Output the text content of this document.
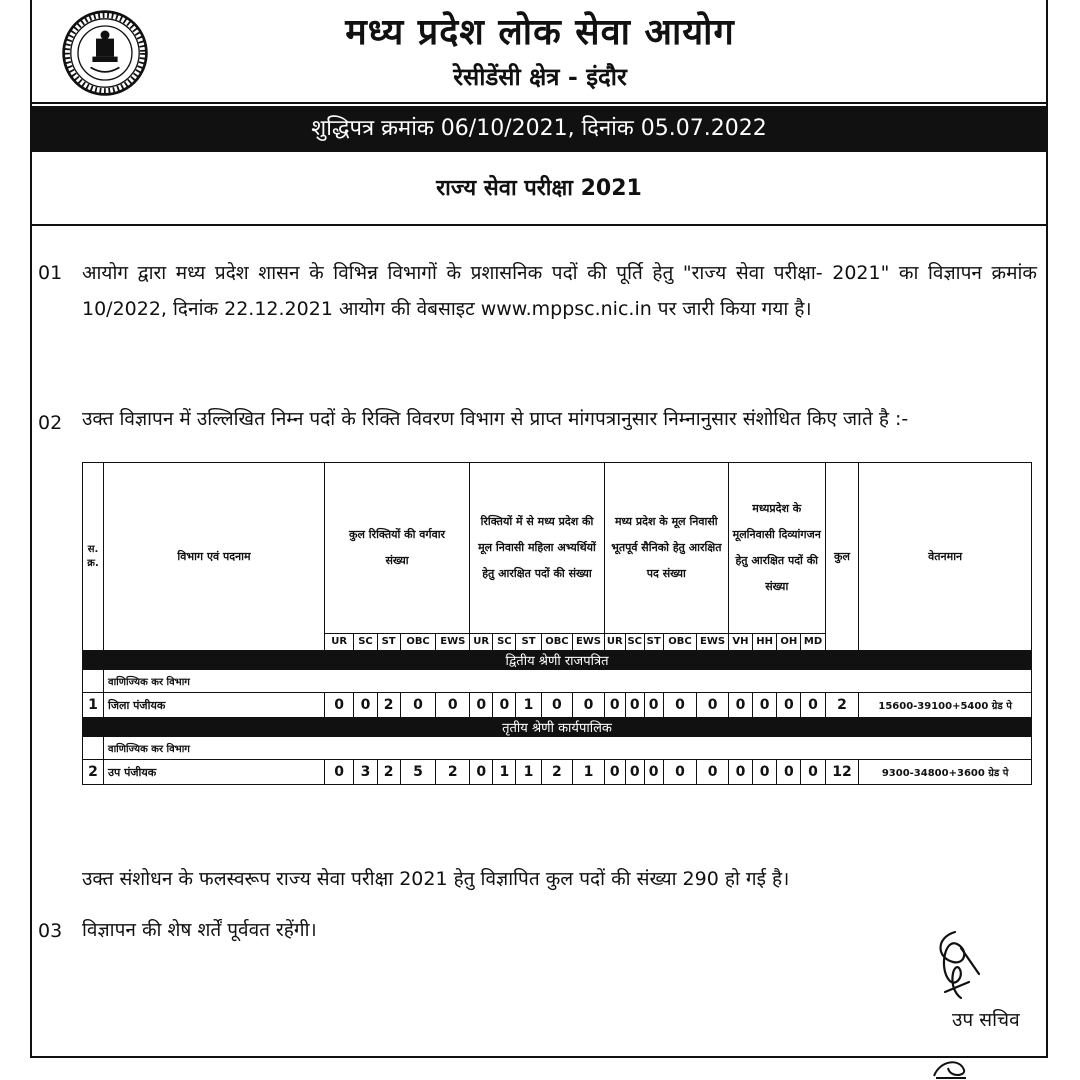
मध्य प्रदेश लोक सेवा आयोग
रेसीडेंसी क्षेत्र - इंदौर
शुद्धिपत्र क्रमांक 06/10/2021, दिनांक 05.07.2022
राज्य सेवा परीक्षा 2021
01 आयोग द्वारा मध्य प्रदेश शासन के विभिन्न विभागों के प्रशासनिक पदों की पूर्ति हेतु "राज्य सेवा परीक्षा- 2021" का विज्ञापन क्रमांक 10/2022, दिनांक 22.12.2021 आयोग की वेबसाइट www.mppsc.nic.in पर जारी किया गया है।
02 उक्त विज्ञापन में उल्लिखित निम्न पदों के रिक्ति विवरण विभाग से प्राप्त मांगपत्रानुसार निम्नानुसार संशोधित किए जाते है :-
स. क्र.	विभाग एवं पदनाम	कुल रिक्तियों की वर्गवार संख्या					रिक्तियों में से मध्य प्रदेश की मूल निवासी महिला अभ्यर्थियों हेतु आरक्षित पदों की संख्या					मध्य प्रदेश के मूल निवासी भूतपूर्व सैनिको हेतु आरक्षित पद संख्या					मध्यप्रदेश के मूलनिवासी दिव्यांगजन हेतु आरक्षित पदों की संख्या				कुल	वेतनमान
		UR	SC	ST	OBC	EWS	UR	SC	ST	OBC	EWS	UR	SC	ST	OBC	EWS	VH	HH	OH	MD		
द्वितीय श्रेणी राजपत्रित																						
	वाणिज्यिक कर विभाग																					
1	जिला पंजीयक	0	0	2	0	0	0	0	1	0	0	0	0	0	0	0	0	0	0	0	2	15600-39100+5400 ग्रेड पे
तृतीय श्रेणी कार्यपालिक																						
	वाणिज्यिक कर विभाग																					
2	उप पंजीयक	0	3	2	5	2	0	1	1	2	1	0	0	0	0	0	0	0	0	0	12	9300-34800+3600 ग्रेड पे
उक्त संशोधन के फलस्वरूप राज्य सेवा परीक्षा 2021 हेतु विज्ञापित कुल पदों की संख्या 290 हो गई है।
03 विज्ञापन की शेष शर्तें पूर्ववत रहेंगी।
उप सचिव
